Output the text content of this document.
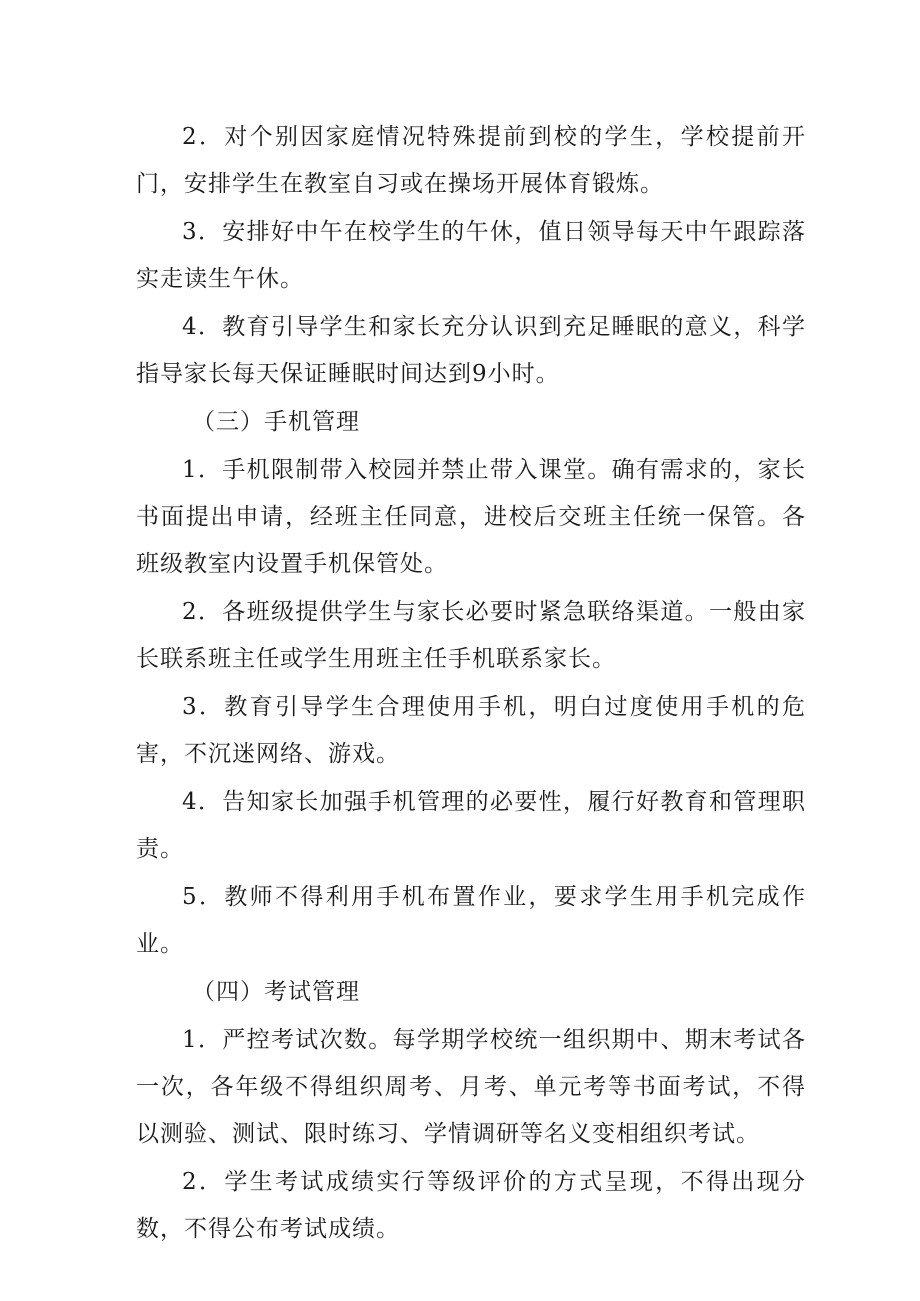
2．对个别因家庭情况特殊提前到校的学生，学校提前开门，安排学生在教室自习或在操场开展体育锻炼。

3．安排好中午在校学生的午休，值日领导每天中午跟踪落实走读生午休。

4．教育引导学生和家长充分认识到充足睡眠的意义，科学指导家长每天保证睡眠时间达到9小时。

（三）手机管理

1．手机限制带入校园并禁止带入课堂。确有需求的，家长书面提出申请，经班主任同意，进校后交班主任统一保管。各班级教室内设置手机保管处。

2．各班级提供学生与家长必要时紧急联络渠道。一般由家长联系班主任或学生用班主任手机联系家长。

3．教育引导学生合理使用手机，明白过度使用手机的危害，不沉迷网络、游戏。

4．告知家长加强手机管理的必要性，履行好教育和管理职责。

5．教师不得利用手机布置作业，要求学生用手机完成作业。

（四）考试管理

1．严控考试次数。每学期学校统一组织期中、期末考试各一次，各年级不得组织周考、月考、单元考等书面考试，不得以测验、测试、限时练习、学情调研等名义变相组织考试。

2．学生考试成绩实行等级评价的方式呈现，不得出现分数，不得公布考试成绩。
